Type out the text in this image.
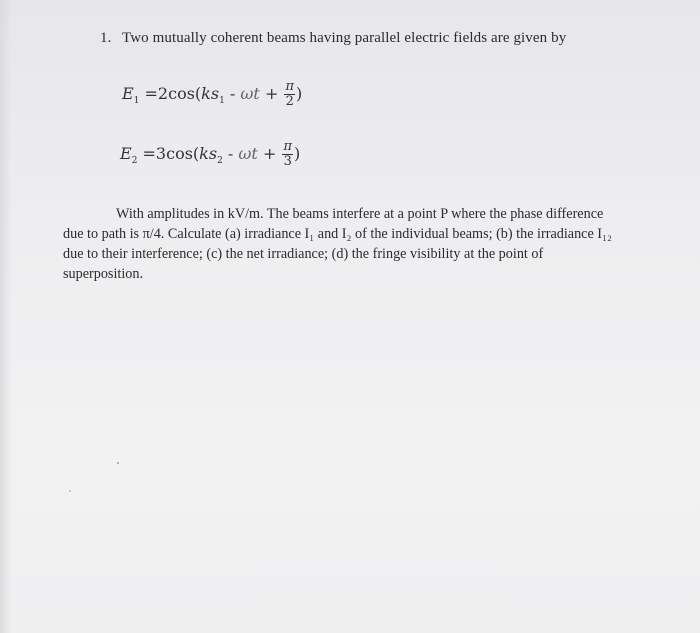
1. Two mutually coherent beams having parallel electric fields are given by
$E_1 =2\cos(ks_1 - \omega t + \frac{\pi}{2}$ )
$E_2 =3\cos(ks_2 - \omega t + \frac{\pi}{3}$ )

With amplitudes in kV/m. The beams interfere at a point P where the phase difference

due to path is π/4. Calculate (a) irradiance I₁ and I₂ of the individual beams; (b) the irradiance I₁₂

due to their interference; (c) the net irradiance; (d) the fringe visibility at the point of

superposition.
